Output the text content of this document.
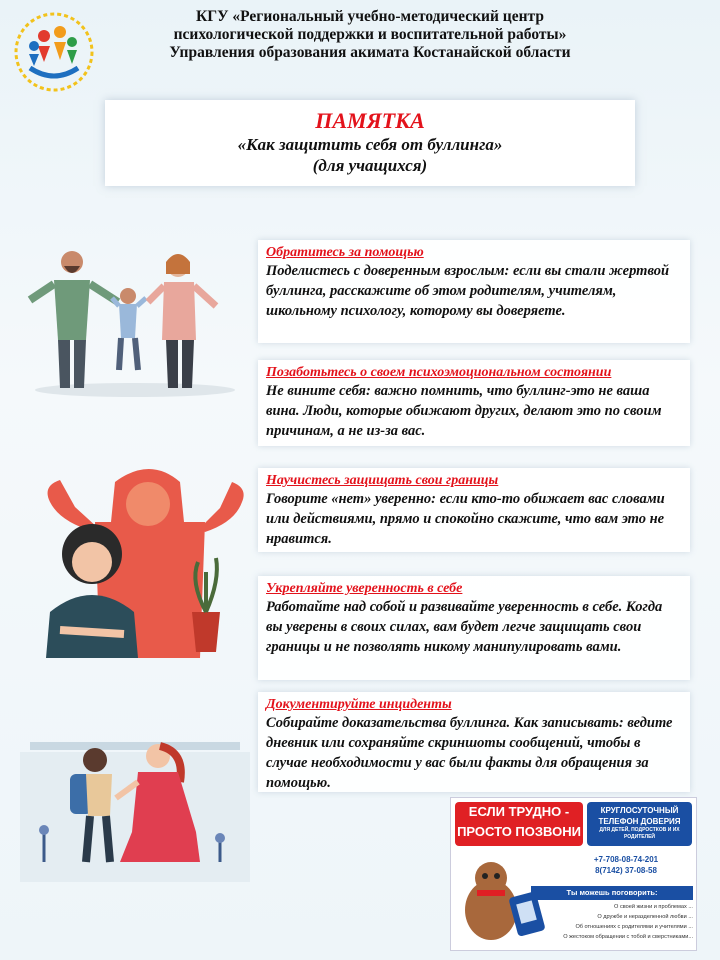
КГУ «Региональный учебно-методический центр
психологической поддержки и воспитательной работы»
Управления образования акимата Костанайской области
ПАМЯТКА
«Как защитить себя от буллинга»
(для учащихся)
Обратитесь за помощью
Поделистесь с доверенным взрослым: если вы стали жертвой буллинга, расскажите об этом родителям, учителям, школьному психологу, которому вы доверяете.
Позаботьтесь о своем психоэмоциональном состоянии
Не вините себя: важно помнить, что буллинг-это не ваша вина. Люди, которые обижают других, делают это по своим причинам, а не из-за вас.
Научистесь защищать свои границы
Говорите «нет» уверенно: если кто-то обижает вас словами или действиями, прямо и спокойно скажите, что вам это не нравится.
Укрепляйте уверенность в себе
Работайте над собой и развивайте уверенность в себе. Когда вы уверены в своих силах, вам будет легче защищать свои границы и не позволять никому манипулировать вами.
Документируйте инциденты
Собирайте доказательства буллинга. Как записывать: ведите дневник или сохраняйте скриншоты сообщений, чтобы в случае необходимости у вас были факты для обращения за помощью.
ЕСЛИ ТРУДНО -
ПРОСТО ПОЗВОНИ
КРУГЛОСУТОЧНЫЙ
ТЕЛЕФОН ДОВЕРИЯ
ДЛЯ ДЕТЕЙ, ПОДРОСТКОВ И ИХ РОДИТЕЛЕЙ
+7-708-08-74-201
8(7142) 37-08-58
Ты можешь поговорить:
О своей жизни и проблемах ...
О дружбе и неразделенной любви ...
Об отношениях с родителями и учителями ...
О жестоком обращении с тобой и сверстниками...
